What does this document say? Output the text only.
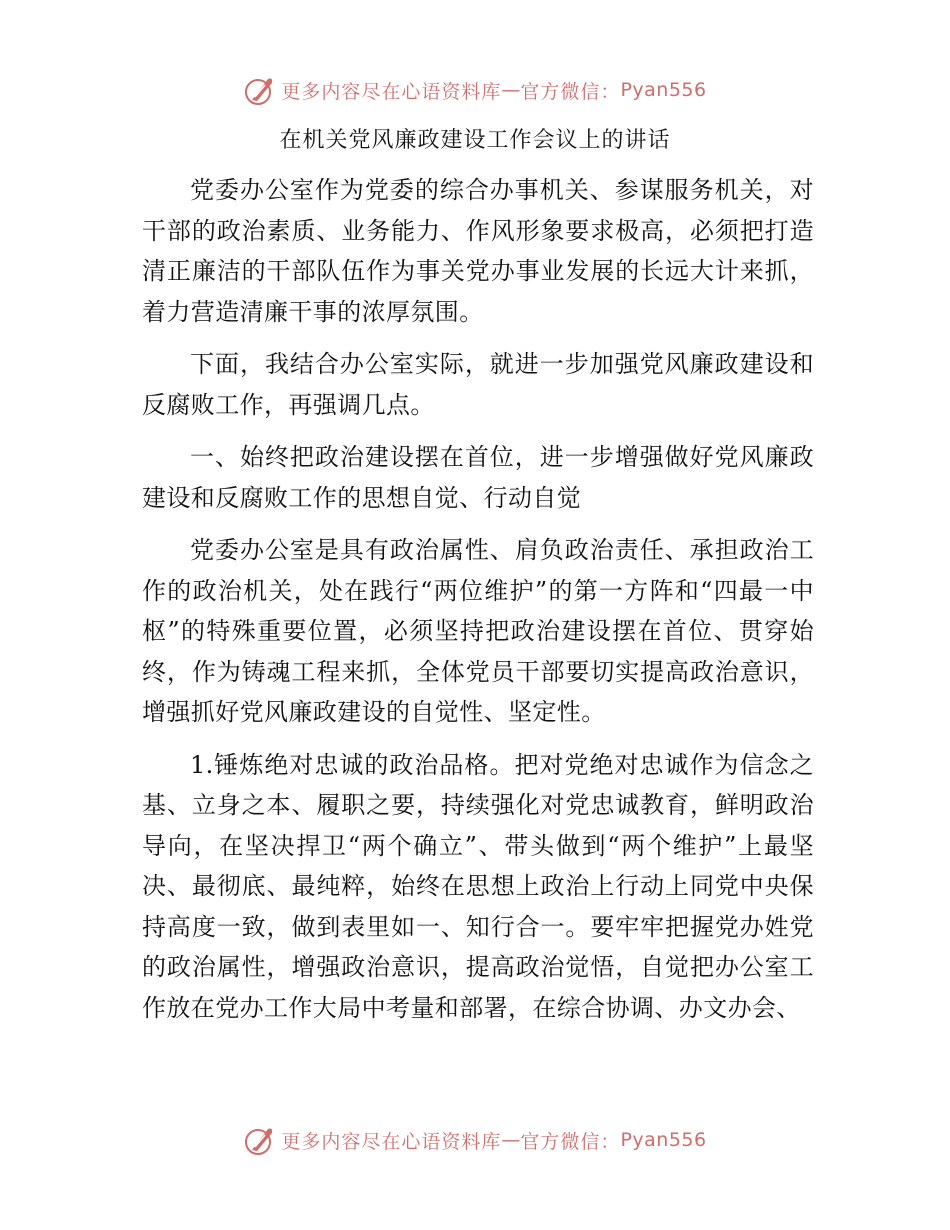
更多内容尽在心语资料库 — 官方微信： Pyan556
在机关党风廉政建设工作会议上的讲话

党委办公室作为党委的综合办事机关、参谋服务机关，对干部的政治素质、业务能力、作风形象要求极高，必须把打造清正廉洁的干部队伍作为事关党办事业发展的长远大计来抓，着力营造清廉干事的浓厚氛围。

下面，我结合办公室实际，就进一步加强党风廉政建设和反腐败工作，再强调几点。

一、始终把政治建设摆在首位，进一步增强做好党风廉政建设和反腐败工作的思想自觉、行动自觉

党委办公室是具有政治属性、肩负政治责任、承担政治工作的政治机关，处在践行“两位维护”的第一方阵和“四最一中枢”的特殊重要位置，必须坚持把政治建设摆在首位、贯穿始终，作为铸魂工程来抓，全体党员干部要切实提高政治意识，增强抓好党风廉政建设的自觉性、坚定性。

1.锤炼绝对忠诚的政治品格。把对党绝对忠诚作为信念之基、立身之本、履职之要，持续强化对党忠诚教育，鲜明政治导向，在坚决捍卫“两个确立”、带头做到“两个维护”上最坚决、最彻底、最纯粹，始终在思想上政治上行动上同党中央保持高度一致，做到表里如一、知行合一。要牢牢把握党办姓党的政治属性，增强政治意识，提高政治觉悟，自觉把办公室工作放在党办工作大局中考量和部署，在综合协调、办文办会、

更多内容尽在心语资料库 — 官方微信： Pyan556
